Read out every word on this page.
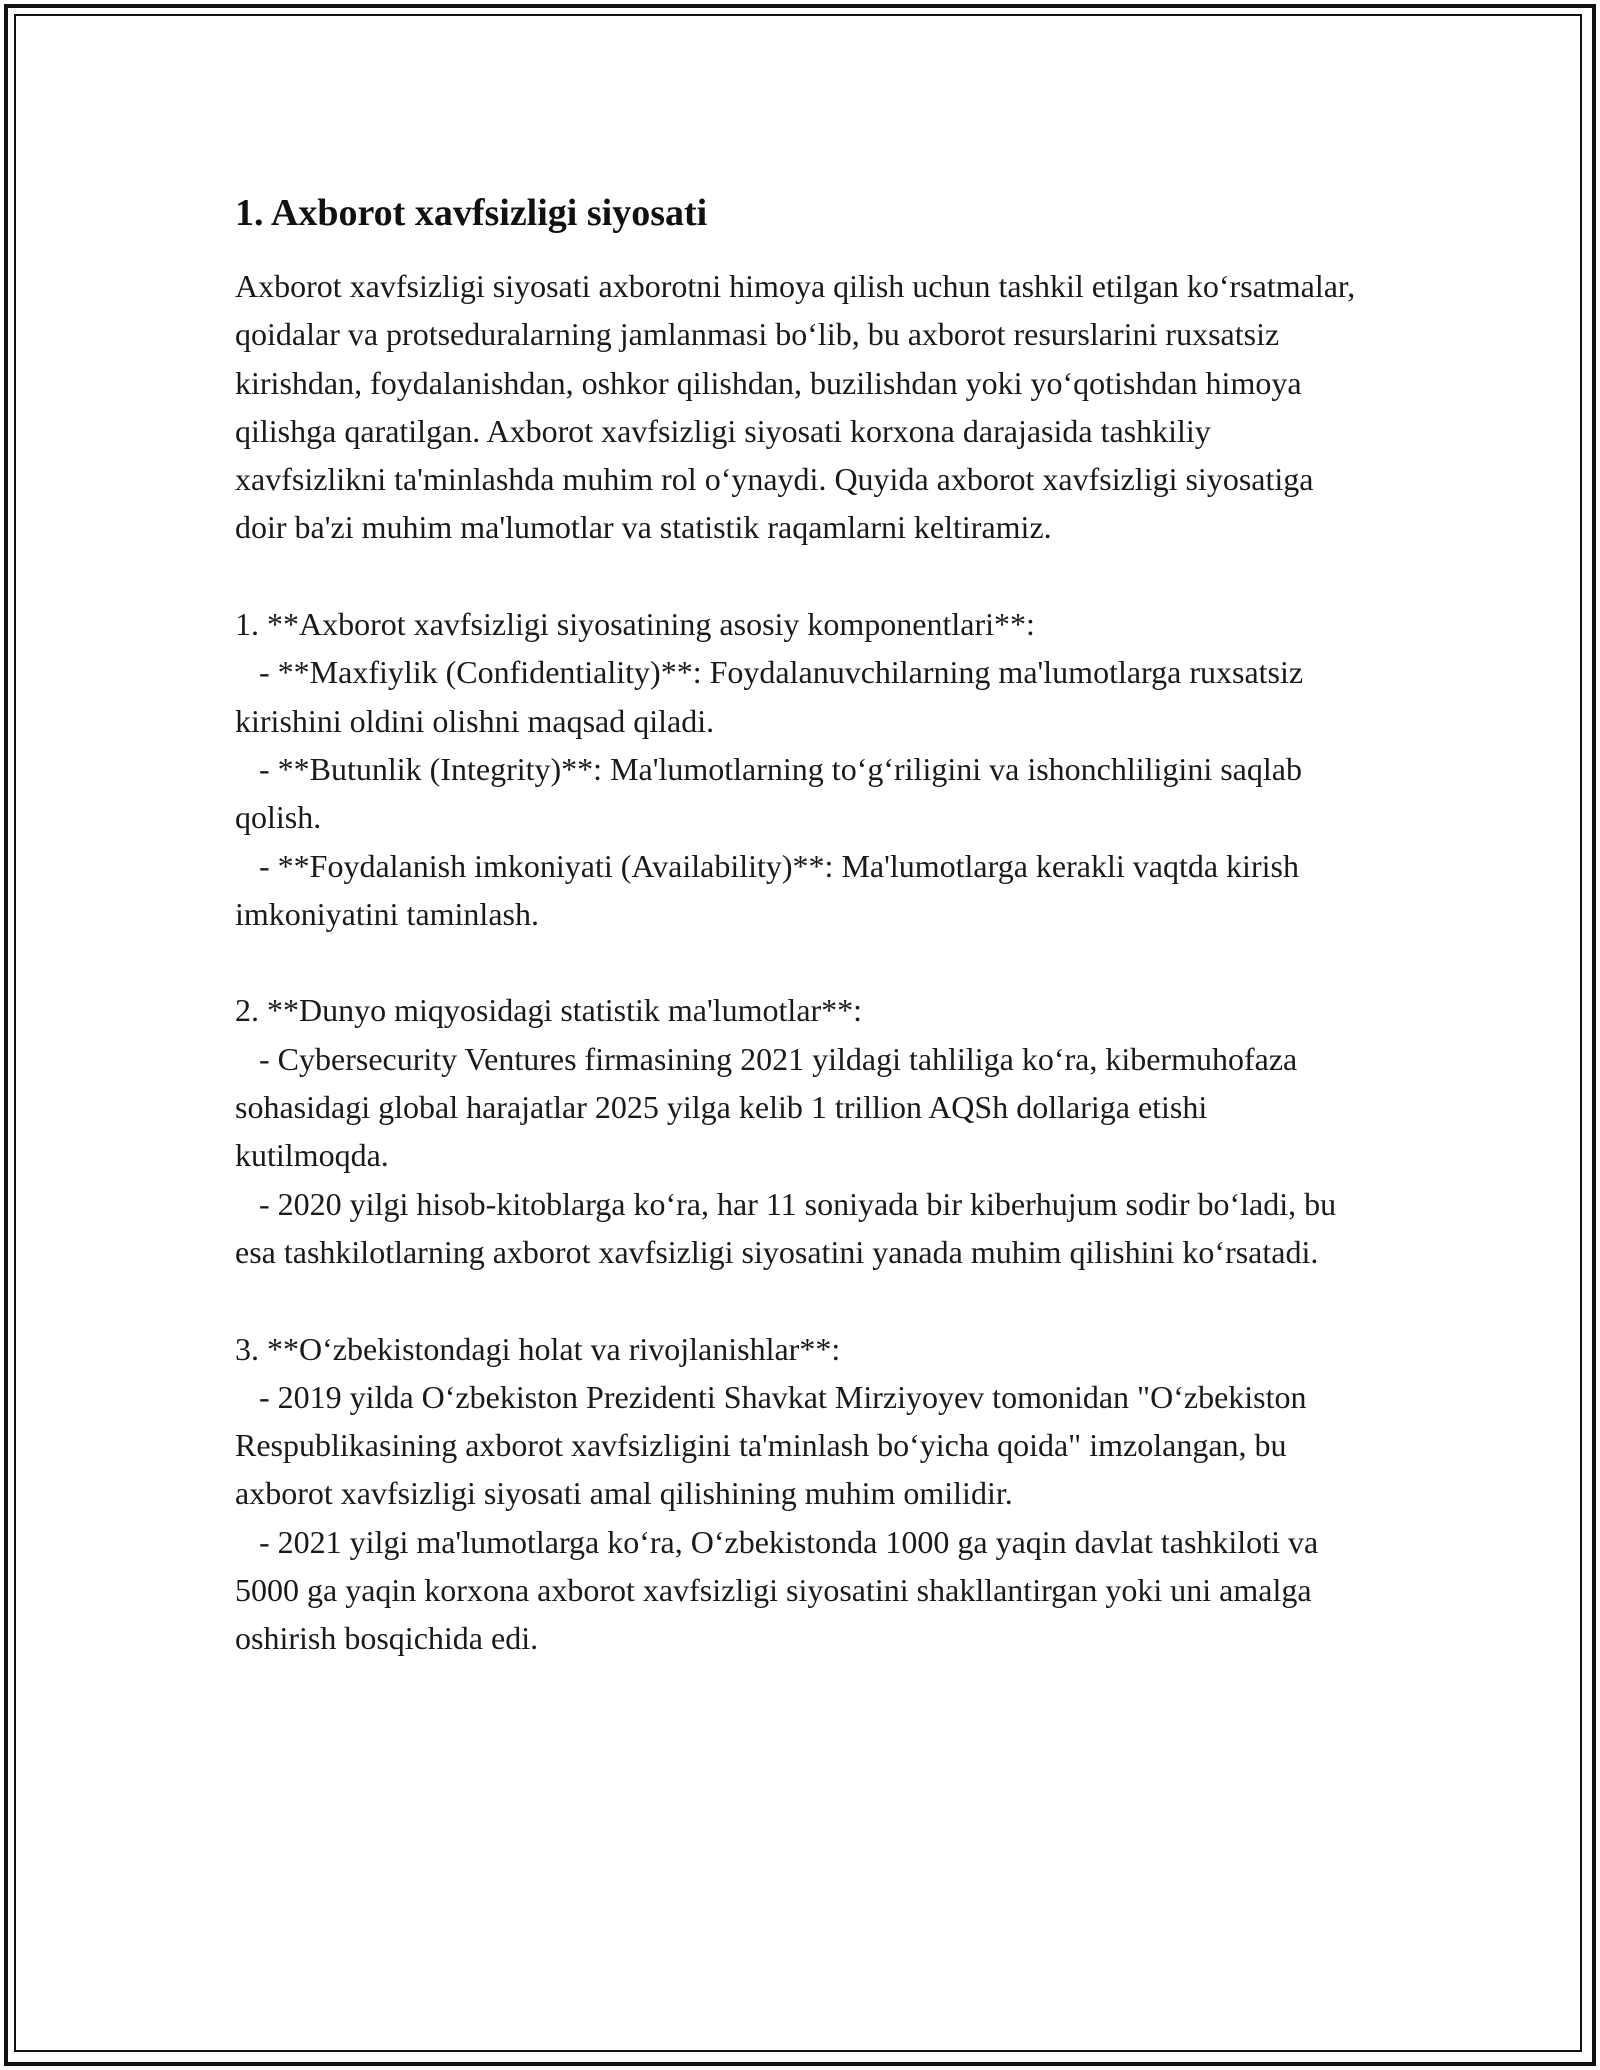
1. Axborot xavfsizligi siyosati

Axborot xavfsizligi siyosati axborotni himoya qilish uchun tashkil etilgan ko‘rsatmalar, qoidalar va protseduralarning jamlanmasi bo‘lib, bu axborot resurslarini ruxsatsiz kirishdan, foydalanishdan, oshkor qilishdan, buzilishdan yoki yo‘qotishdan himoya qilishga qaratilgan. Axborot xavfsizligi siyosati korxona darajasida tashkiliy xavfsizlikni ta'minlashda muhim rol o‘ynaydi. Quyida axborot xavfsizligi siyosatiga doir ba'zi muhim ma'lumotlar va statistik raqamlarni keltiramiz.

1. **Axborot xavfsizligi siyosatining asosiy komponentlari**:

- **Maxfiylik (Confidentiality)**: Foydalanuvchilarning ma'lumotlarga ruxsatsiz kirishini oldini olishni maqsad qiladi.

- **Butunlik (Integrity)**: Ma'lumotlarning to‘g‘riligini va ishonchliligini saqlab qolish.

- **Foydalanish imkoniyati (Availability)**: Ma'lumotlarga kerakli vaqtda kirish imkoniyatini taminlash.

2. **Dunyo miqyosidagi statistik ma'lumotlar**:

- Cybersecurity Ventures firmasining 2021 yildagi tahliliga ko‘ra, kibermuhofaza sohasidagi global harajatlar 2025 yilga kelib 1 trillion AQSh dollariga etishi kutilmoqda.

- 2020 yilgi hisob-kitoblarga ko‘ra, har 11 soniyada bir kiberhujum sodir bo‘ladi, bu esa tashkilotlarning axborot xavfsizligi siyosatini yanada muhim qilishini ko‘rsatadi.

3. **O‘zbekistondagi holat va rivojlanishlar**:

- 2019 yilda O‘zbekiston Prezidenti Shavkat Mirziyoyev tomonidan "O‘zbekiston Respublikasining axborot xavfsizligini ta'minlash bo‘yicha qoida" imzolangan, bu axborot xavfsizligi siyosati amal qilishining muhim omilidir.

- 2021 yilgi ma'lumotlarga ko‘ra, O‘zbekistonda 1000 ga yaqin davlat tashkiloti va 5000 ga yaqin korxona axborot xavfsizligi siyosatini shakllantirgan yoki uni amalga oshirish bosqichida edi.
